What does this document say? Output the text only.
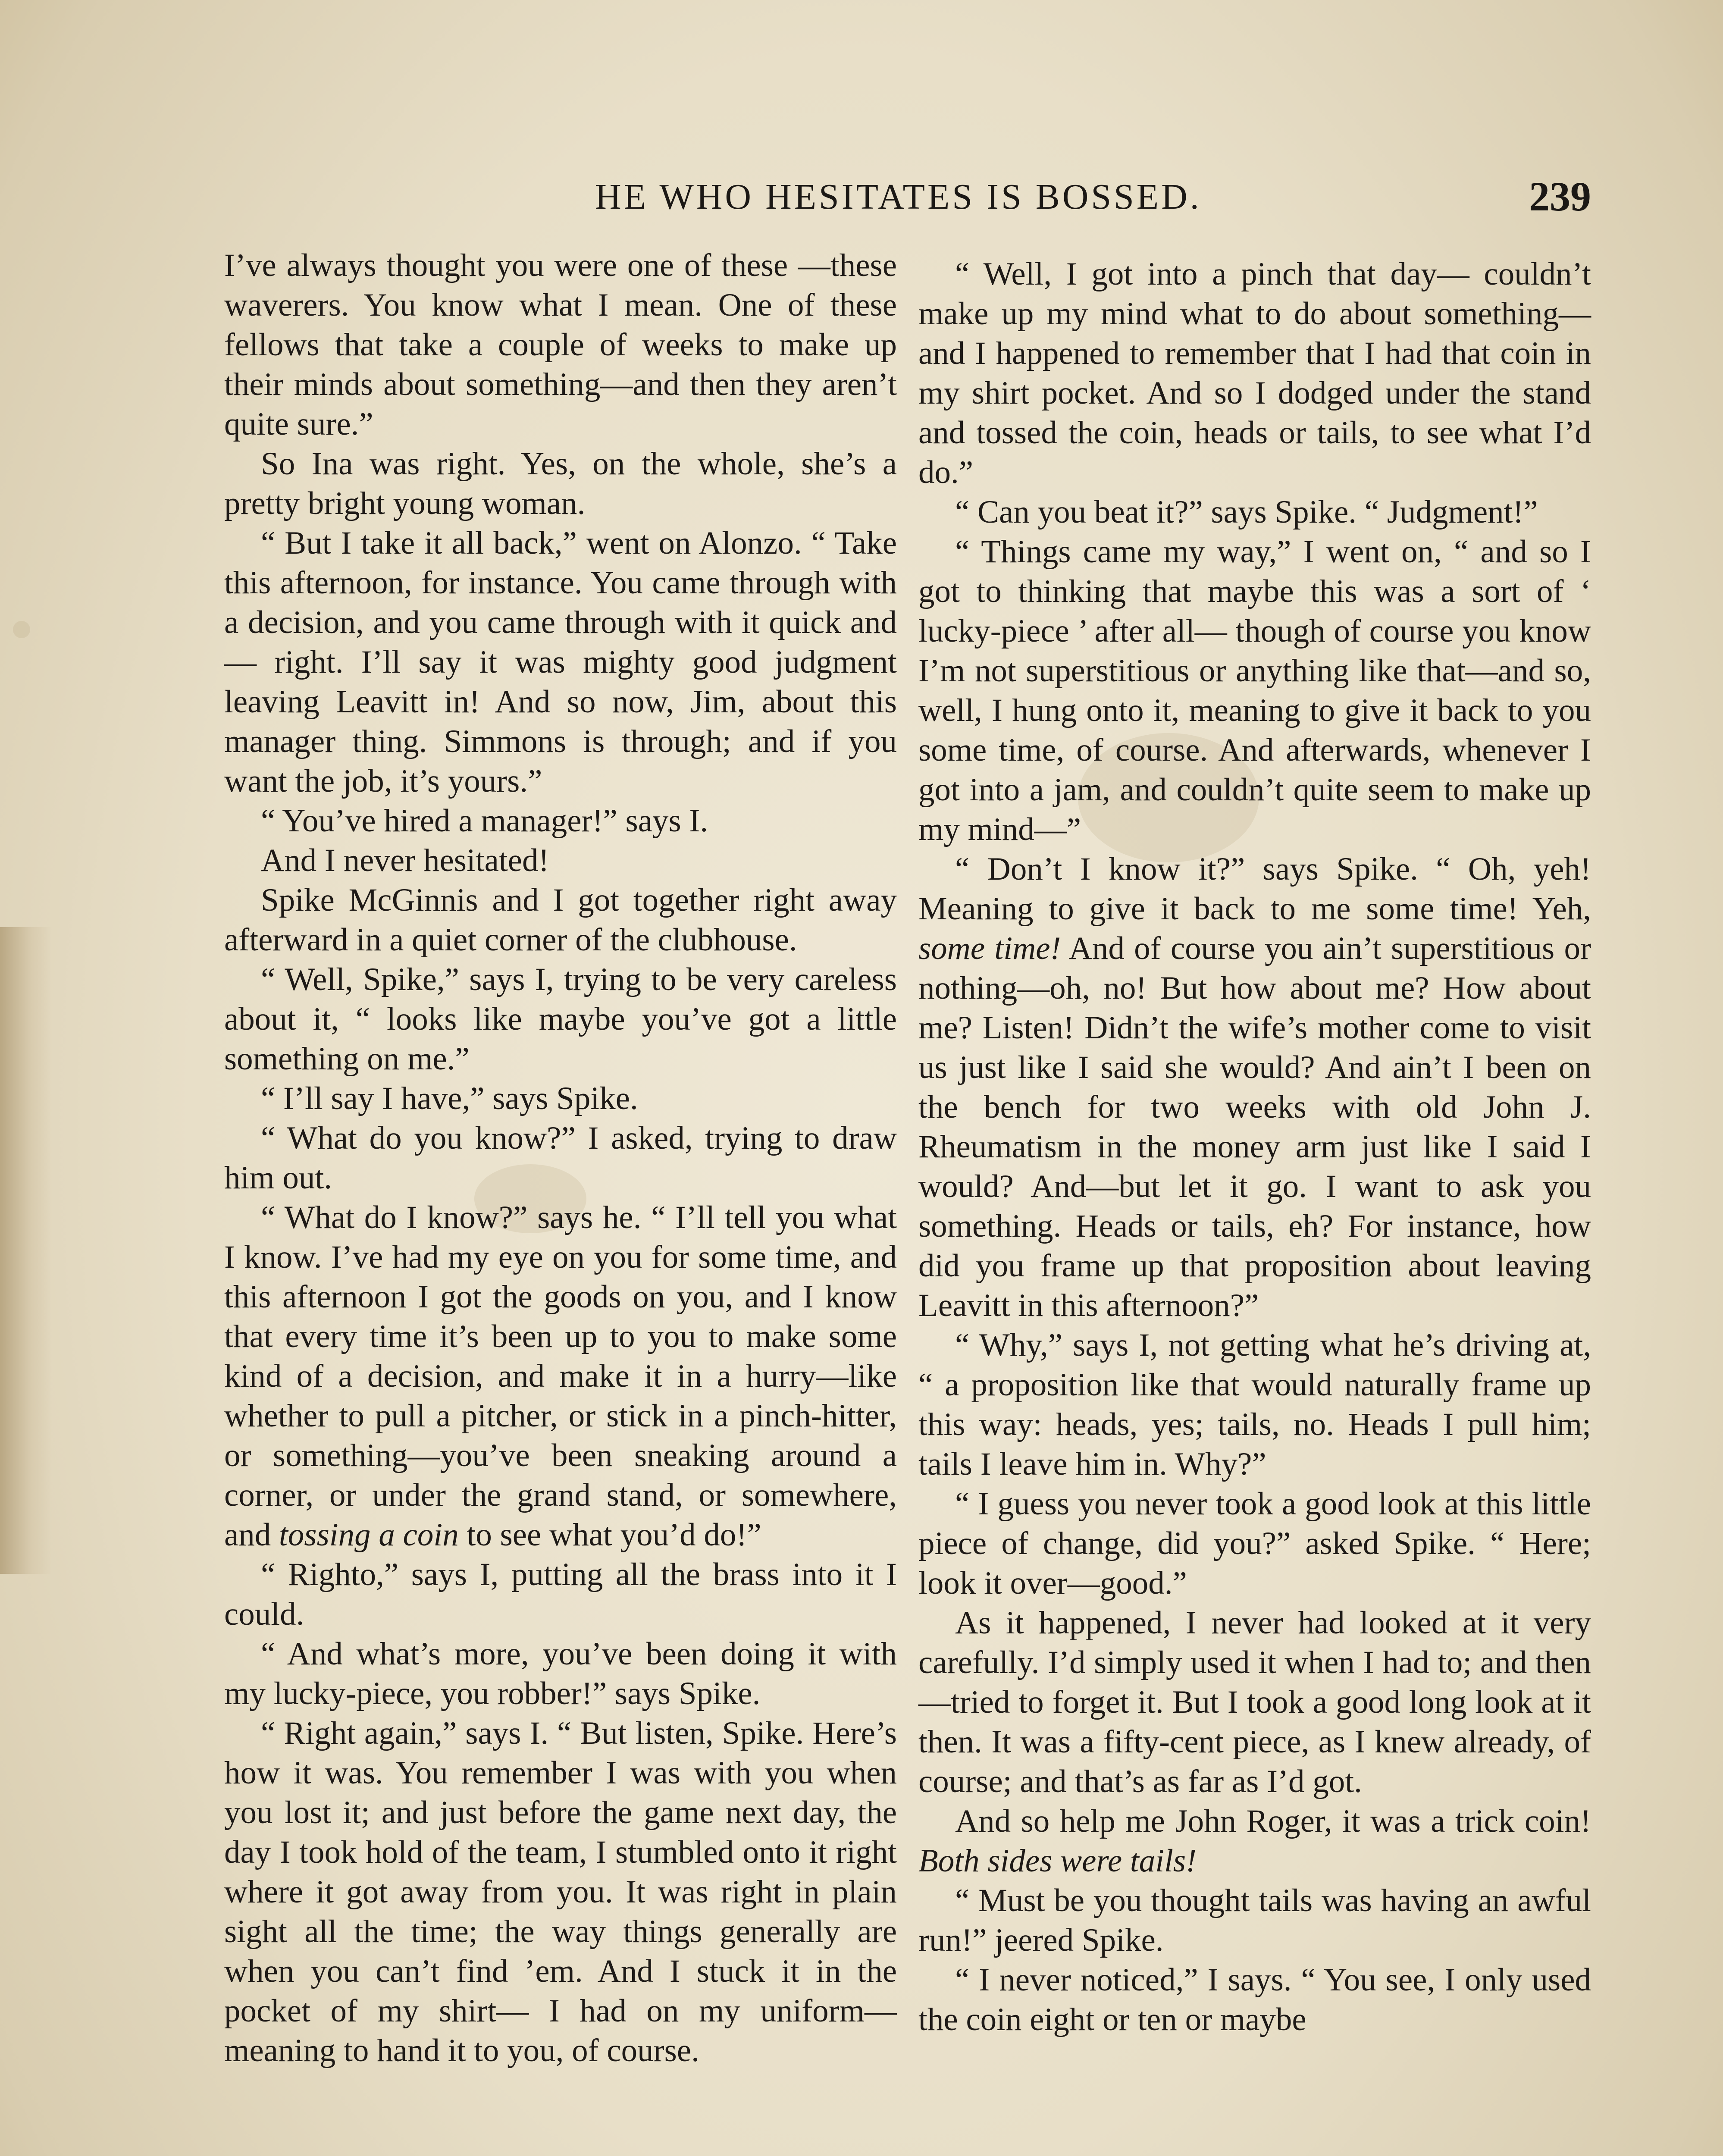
HE WHO HESITATES IS BOSSED.	239

I’ve always thought you were one of these —these waverers. You know what I mean. One of these fellows that take a couple of weeks to make up their minds about something—and then they aren’t quite sure.”

So Ina was right. Yes, on the whole, she’s a pretty bright young woman.

“ But I take it all back,” went on Alonzo. “ Take this afternoon, for instance. You came through with a decision, and you came through with it quick and — right. I’ll say it was mighty good judgment leaving Leavitt in! And so now, Jim, about this manager thing. Simmons is through; and if you want the job, it’s yours.”

“ You’ve hired a manager!” says I.

And I never hesitated!

Spike McGinnis and I got together right away afterward in a quiet corner of the clubhouse.

“ Well, Spike,” says I, trying to be very careless about it, “ looks like maybe you’ve got a little something on me.”

“ I’ll say I have,” says Spike.

“ What do you know?” I asked, trying to draw him out.

“ What do I know?” says he. “ I’ll tell you what I know. I’ve had my eye on you for some time, and this afternoon I got the goods on you, and I know that every time it’s been up to you to make some kind of a decision, and make it in a hurry—like whether to pull a pitcher, or stick in a pinch-hitter, or something—you’ve been sneaking around a corner, or under the grand stand, or somewhere, and tossing a coin to see what you’d do!”

“ Righto,” says I, putting all the brass into it I could.

“ And what’s more, you’ve been doing it with my lucky-piece, you robber!” says Spike.

“ Right again,” says I. “ But listen, Spike. Here’s how it was. You remember I was with you when you lost it; and just before the game next day, the day I took hold of the team, I stumbled onto it right where it got away from you. It was right in plain sight all the time; the way things generally are when you can’t find ’em. And I stuck it in the pocket of my shirt— I had on my uniform—meaning to hand it to you, of course.

“ Well, I got into a pinch that day— couldn’t make up my mind what to do about something—and I happened to remember that I had that coin in my shirt pocket. And so I dodged under the stand and tossed the coin, heads or tails, to see what I’d do.”

“ Can you beat it?” says Spike. “ Judgment!”

“ Things came my way,” I went on, “ and so I got to thinking that maybe this was a sort of ‘ lucky-piece ’ after all— though of course you know I’m not superstitious or anything like that—and so, well, I hung onto it, meaning to give it back to you some time, of course. And afterwards, whenever I got into a jam, and couldn’t quite seem to make up my mind—”

“ Don’t I know it?” says Spike. “ Oh, yeh! Meaning to give it back to me some time! Yeh, some time! And of course you ain’t superstitious or nothing—oh, no! But how about me? How about me? Listen! Didn’t the wife’s mother come to visit us just like I said she would? And ain’t I been on the bench for two weeks with old John J. Rheumatism in the money arm just like I said I would? And—but let it go. I want to ask you something. Heads or tails, eh? For instance, how did you frame up that proposition about leaving Leavitt in this afternoon?”

“ Why,” says I, not getting what he’s driving at, “ a proposition like that would naturally frame up this way: heads, yes; tails, no. Heads I pull him; tails I leave him in. Why?”

“ I guess you never took a good look at this little piece of change, did you?” asked Spike. “ Here; look it over—good.”

As it happened, I never had looked at it very carefully. I’d simply used it when I had to; and then—tried to forget it. But I took a good long look at it then. It was a fifty-cent piece, as I knew already, of course; and that’s as far as I’d got.

And so help me John Roger, it was a trick coin! Both sides were tails!

“ Must be you thought tails was having an awful run!” jeered Spike.

“ I never noticed,” I says. “ You see, I only used the coin eight or ten or maybe
